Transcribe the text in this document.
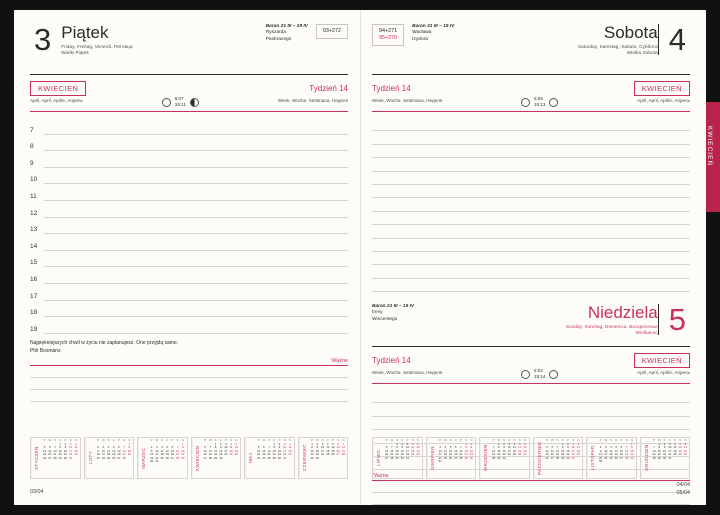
3 Piątek
Friday, Freitag, Venerdi, Пятница
Wielki Piątek
Baran 21 III – 19 IV
Ryszarda
Pankracego
93+272
KWIECIEŃ	Tydzień 14
April, April, Aprile, Апрель	6:07
19:11
Week, Woche, Settimana, Неделя
7
8
9
10
11
12
13
14
15
16
17
18
19
Najpiękniejszych chwil w życiu nie zaplanujesz. One przyjdą same.
Phil Bosmans
Ważne
STYCZEŃ
P	W	Ś	C	P	S	N
			1	2	3	4
5	6	7	8	9	10	11
12	13	14	15	16	17	18
19	20	21	22	23	24	25
26	27	28	29	30	31		LUTY
P	W	Ś	C	P	S	N
						1
2	3	4	5	6	7	8
9	10	11	12	13	14	15
16	17	18	19	20	21	22
23	24	25	26	27	28		MARZEC
P	W	Ś	C	P	S	N
						1
2	3	4	5	6	7	8
9	10	11	12	13	14	15
16	17	18	19	20	21	22
23	24	25	26	27	28	29
30	31						KWIECIEŃ
P	W	Ś	C	P	S	N
		1	2	3	4	5
6	7	8	9	10	11	12
13	14	15	16	17	18	19
20	21	22	23	24	25	26
27	28	29	30				MAJ
P	W	Ś	C	P	S	N
			1	2	3	4
5	6	7	8	9	10	11
12	13	14	15	16	17	18
19	20	21	22	23	24	25
26	27	28	29	30	31		CZERWIEC
P	W	Ś	C	P	S	N
1	2	3	4	5	6	7
8	9	10	11	12	13	14
15	16	17	18	19	20	21
22	23	24	25	26	27	28
29	30					
03/04
94+271
95+270
Baran 21 III – 19 IV
Wacława
Izydora	Sobota
Saturday, Samstag, Sabato, Cyббота
Wielka Sobota 4
Tydzień 14	KWIECIEŃ
Week, Woche, Settimana, Неделя	6:05
19:13
April, April, Aprile, Апрель
Baran 21 III – 19 IV
Ireny
Wincentego	Niedziela
Sunday, Sonntag, Domenica, Воскресенье
Wielkanoc 5
Tydzień 14	KWIECIEŃ
Week, Woche, Settimana, Неделя	6:02
19:14
April, April, Aprile, Апрель
Ważne
LIPIEC
P	W	Ś	C	P	S	N
		1	2	3	4	5
6	7	8	9	10	11	12
13	14	15	16	17	18	19
20	21	22	23	24	25	26
27	28	29	30	31			SIERPIEŃ
P	W	Ś	C	P	S	N
					1	2
3	4	5	6	7	8	9
10	11	12	13	14	15	16
17	18	19	20	21	22	23
24	25	26	27	28	29	30
31							WRZESIEŃ
P	W	Ś	C	P	S	N
	1	2	3	4	5	6
7	8	9	10	11	12	13
14	15	16	17	18	19	20
21	22	23	24	25	26	27
28	29	30					PAŹDZIERNIK
P	W	Ś	C	P	S	N
			1	2	3	4
5	6	7	8	9	10	11
12	13	14	15	16	17	18
19	20	21	22	23	24	25
26	27	28	29	30	31		LISTOPAD
P	W	Ś	C	P	S	N
						1
2	3	4	5	6	7	8
9	10	11	12	13	14	15
16	17	18	19	20	21	22
23	24	25	26	27	28	29
30							GRUDZIEŃ
P	W	Ś	C	P	S	N
	1	2	3	4	5	6
7	8	9	10	11	12	13
14	15	16	17	18	19	20
21	22	23	24	25	26	27
28	29	30	31			
04/04
05/04
KWIECIEŃ
